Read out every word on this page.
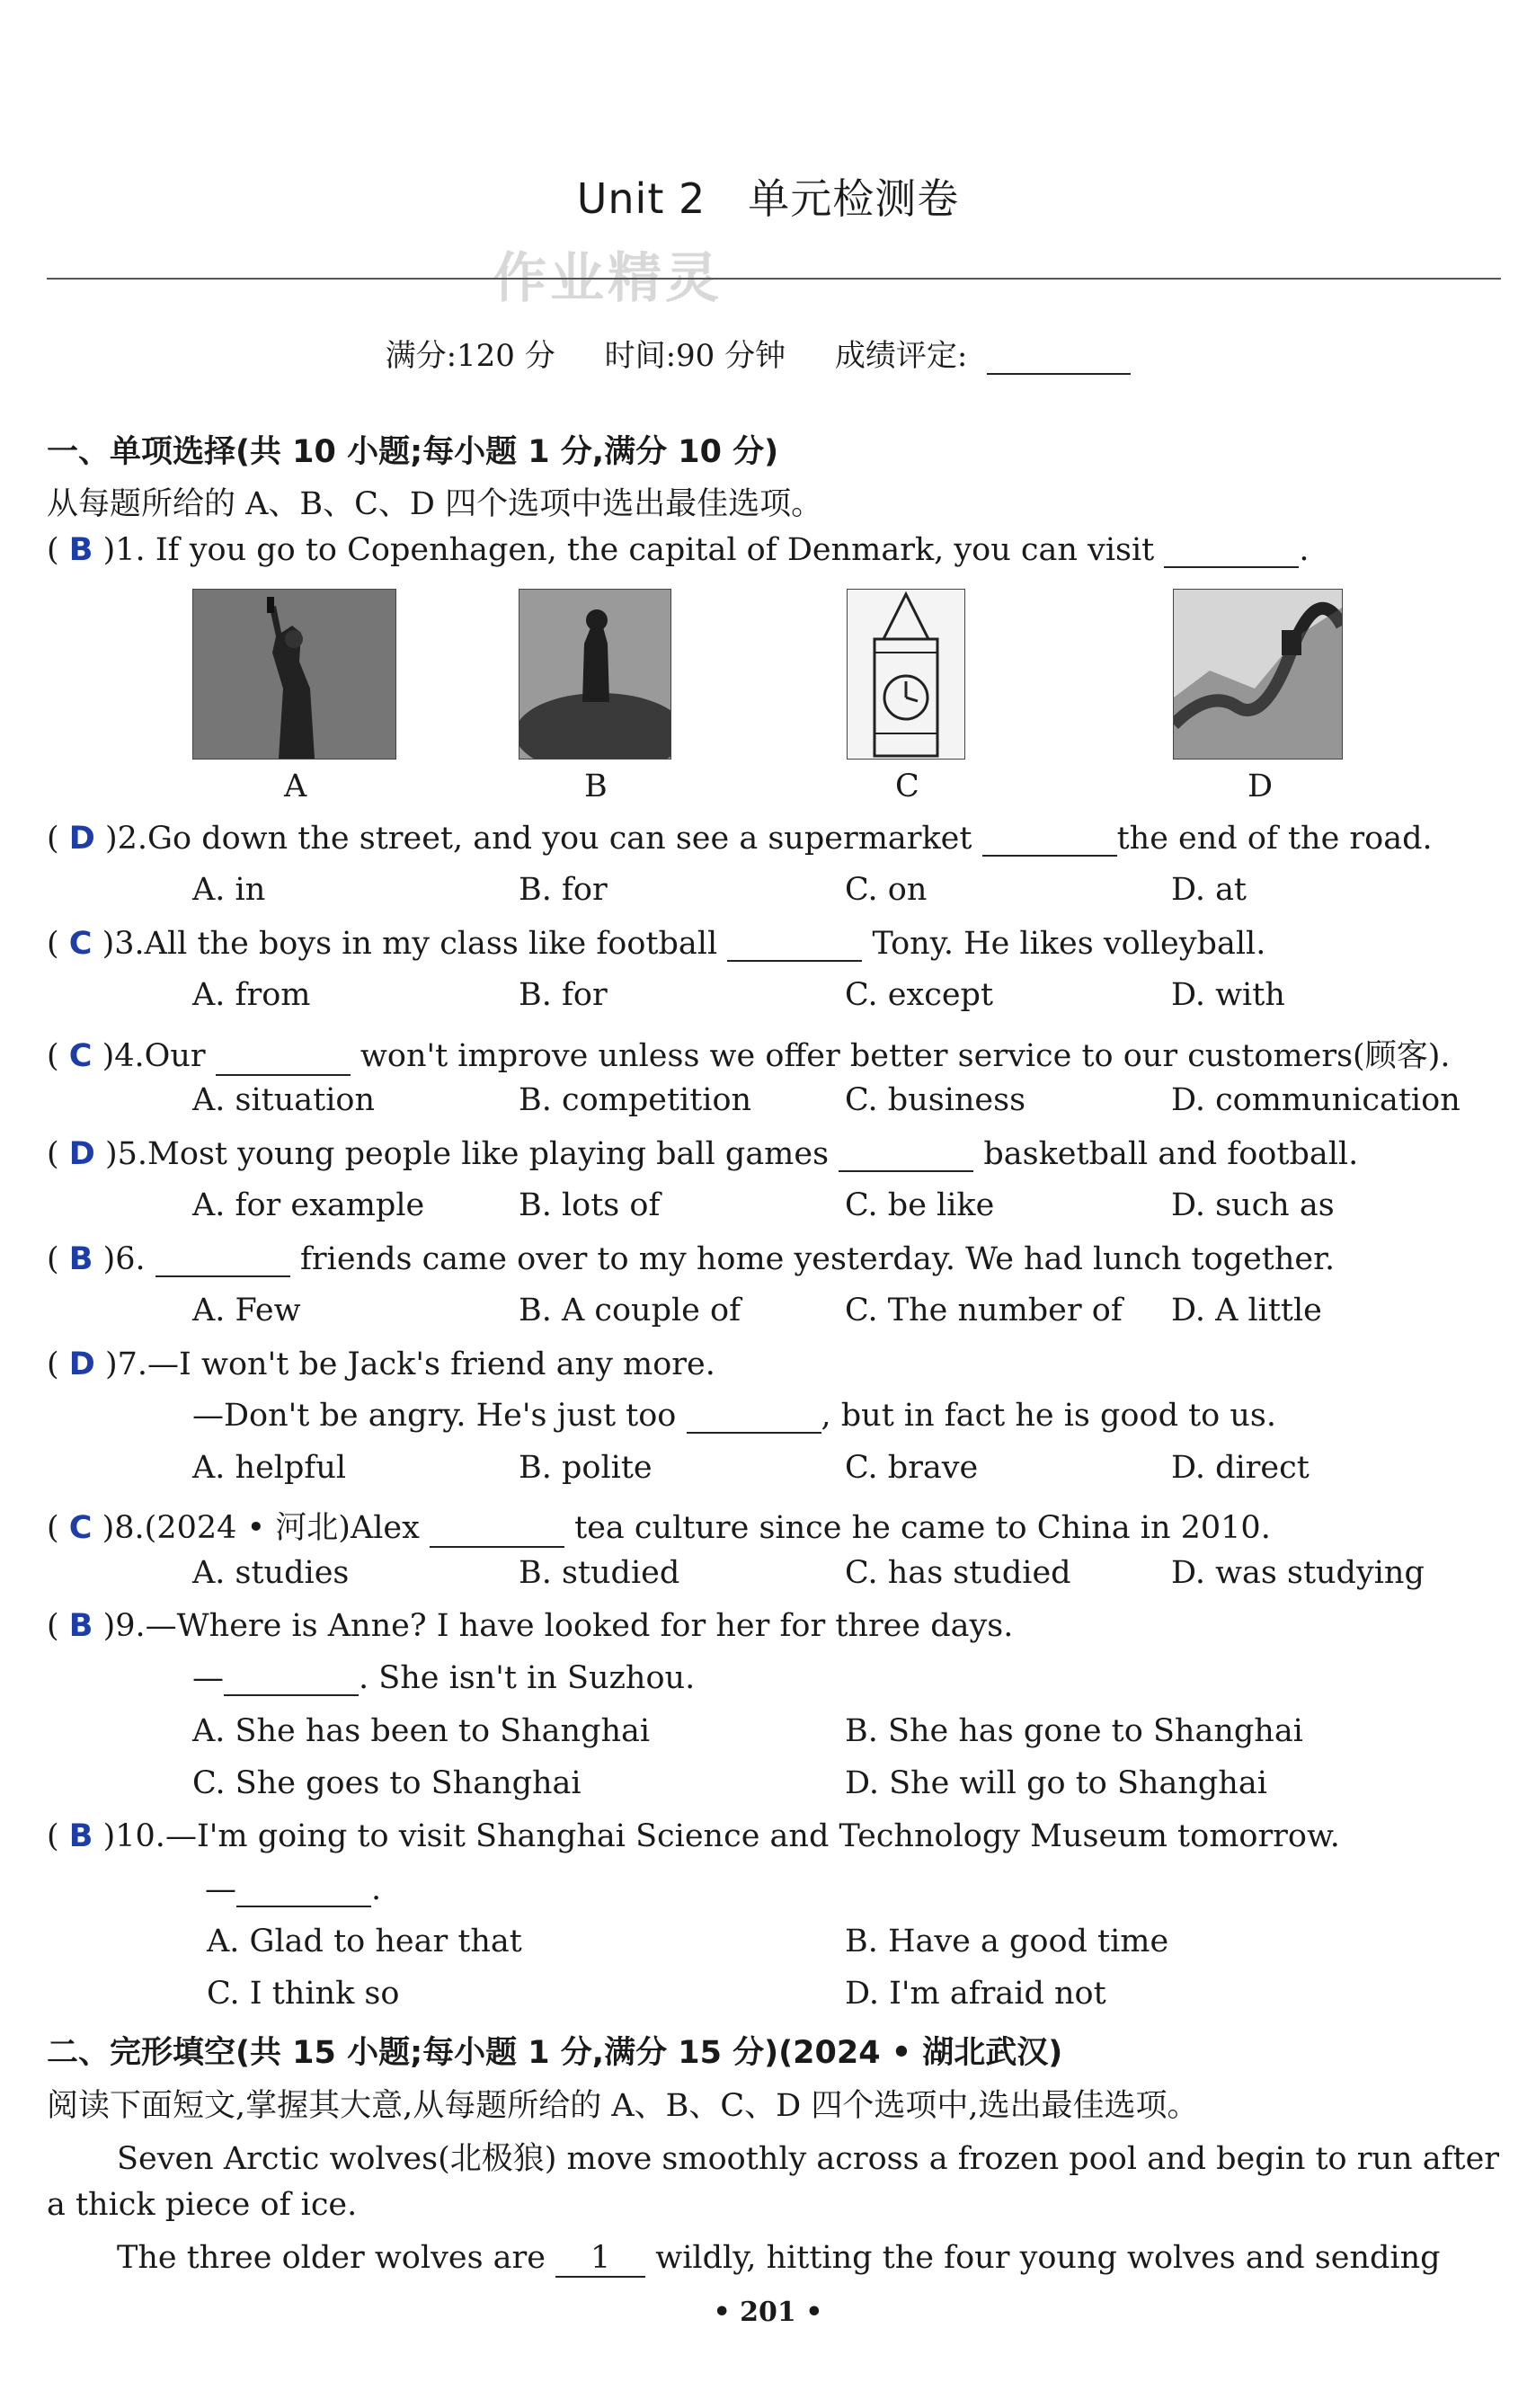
Unit 2　单元检测卷
作业精灵
满分:120 分 时间:90 分钟 成绩评定:
一、单项选择(共 10 小题;每小题 1 分,满分 10 分)
从每题所给的 A、B、C、D 四个选项中选出最佳选项。
( B )1. If you go to Copenhagen, the capital of Denmark, you can visit	.
A	B	C	D
( D )2.Go down the street, and you can see a supermarket	the end of the road.
A. in	B. for	C. on	D. at
( C )3.All the boys in my class like football	Tony. He likes volleyball.
A. from	B. for	C. except	D. with
( C )4.Our	won't improve unless we offer better service to our customers(顾客).
A. situation	B. competition	C. business	D. communication
( D )5.Most young people like playing ball games	basketball and football.
A. for example	B. lots of	C. be like	D. such as
( B )6.	friends came over to my home yesterday. We had lunch together.
A. Few	B. A couple of	C. The number of D. A little
( D )7.—I won't be Jack's friend any more.
—Don't be angry. He's just too	, but in fact he is good to us.
A. helpful	B. polite	C. brave	D. direct
( C )8.(2024 • 河北)Alex	tea culture since he came to China in 2010.
A. studies	B. studied	C. has studied	D. was studying
( B )9.—Where is Anne? I have looked for her for three days.
—	. She isn't in Suzhou.
A. She has been to Shanghai	B. She has gone to Shanghai
C. She goes to Shanghai	D. She will go to Shanghai
( B )10.—I'm going to visit Shanghai Science and Technology Museum tomorrow.
—	.
A. Glad to hear that	B. Have a good time
C. I think so	D. I'm afraid not
二、完形填空(共 15 小题;每小题 1 分,满分 15 分)(2024 • 湖北武汉)
阅读下面短文,掌握其大意,从每题所给的 A、B、C、D 四个选项中,选出最佳选项。
Seven Arctic wolves(北极狼) move smoothly across a frozen pool and begin to run after
a thick piece of ice.
The three older wolves are 1 wildly, hitting the four young wolves and sending
• 201 •
